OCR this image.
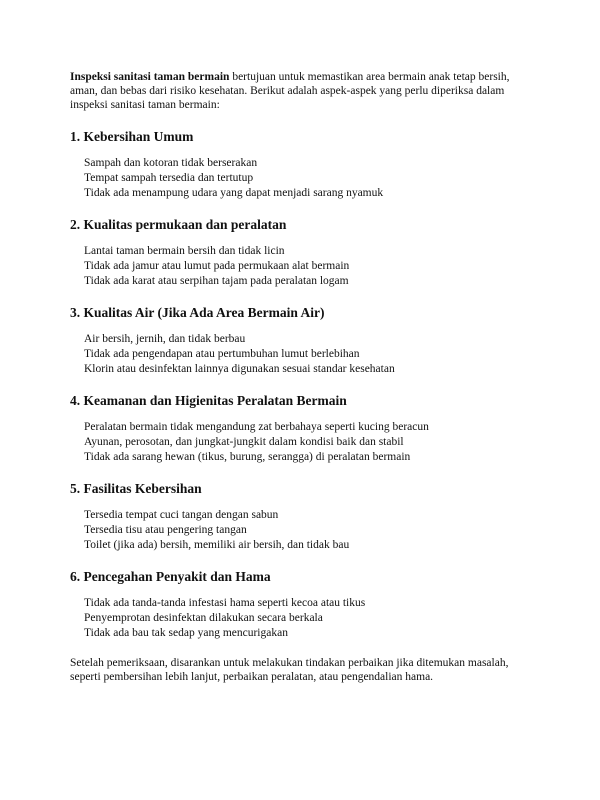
Inspeksi sanitasi taman bermain bertujuan untuk memastikan area bermain anak tetap bersih, aman, dan bebas dari risiko kesehatan. Berikut adalah aspek-aspek yang perlu diperiksa dalam inspeksi sanitasi taman bermain:

1. Kebersihan Umum
Sampah dan kotoran tidak berserakan
Tempat sampah tersedia dan tertutup
Tidak ada menampung udara yang dapat menjadi sarang nyamuk
2. Kualitas permukaan dan peralatan
Lantai taman bermain bersih dan tidak licin
Tidak ada jamur atau lumut pada permukaan alat bermain
Tidak ada karat atau serpihan tajam pada peralatan logam
3. Kualitas Air (Jika Ada Area Bermain Air)
Air bersih, jernih, dan tidak berbau
Tidak ada pengendapan atau pertumbuhan lumut berlebihan
Klorin atau desinfektan lainnya digunakan sesuai standar kesehatan
4. Keamanan dan Higienitas Peralatan Bermain
Peralatan bermain tidak mengandung zat berbahaya seperti kucing beracun
Ayunan, perosotan, dan jungkat-jungkit dalam kondisi baik dan stabil
Tidak ada sarang hewan (tikus, burung, serangga) di peralatan bermain
5. Fasilitas Kebersihan
Tersedia tempat cuci tangan dengan sabun
Tersedia tisu atau pengering tangan
Toilet (jika ada) bersih, memiliki air bersih, dan tidak bau
6. Pencegahan Penyakit dan Hama
Tidak ada tanda-tanda infestasi hama seperti kecoa atau tikus
Penyemprotan desinfektan dilakukan secara berkala
Tidak ada bau tak sedap yang mencurigakan

Setelah pemeriksaan, disarankan untuk melakukan tindakan perbaikan jika ditemukan masalah, seperti pembersihan lebih lanjut, perbaikan peralatan, atau pengendalian hama.
